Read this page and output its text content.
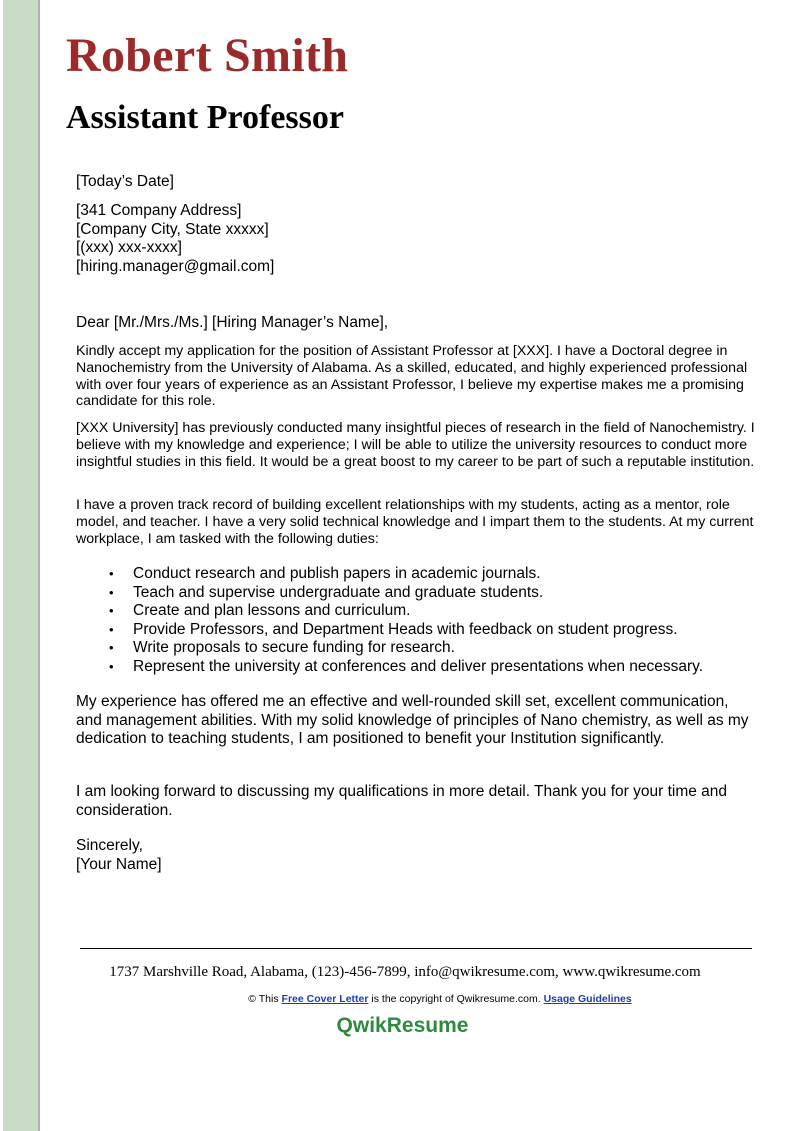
Robert Smith
Assistant Professor
[Today’s Date]
[341 Company Address]
[Company City, State xxxxx]
[(xxx) xxx-xxxx]
[hiring.manager@gmail.com]
Dear [Mr./Mrs./Ms.] [Hiring Manager’s Name],
Kindly accept my application for the position of Assistant Professor at [XXX]. I have a Doctoral degree in Nanochemistry from the University of Alabama. As a skilled, educated, and highly experienced professional with over four years of experience as an Assistant Professor, I believe my expertise makes me a promising candidate for this role.
[XXX University] has previously conducted many insightful pieces of research in the field of Nanochemistry. I believe with my knowledge and experience; I will be able to utilize the university resources to conduct more insightful studies in this field. It would be a great boost to my career to be part of such a reputable institution.
I have a proven track record of building excellent relationships with my students, acting as a mentor, role model, and teacher. I have a very solid technical knowledge and I impart them to the students. At my current workplace, I am tasked with the following duties:
• Conduct research and publish papers in academic journals.
• Teach and supervise undergraduate and graduate students.
• Create and plan lessons and curriculum.
• Provide Professors, and Department Heads with feedback on student progress.
• Write proposals to secure funding for research.
• Represent the university at conferences and deliver presentations when necessary.
My experience has offered me an effective and well-rounded skill set, excellent communication, and management abilities. With my solid knowledge of principles of Nano chemistry, as well as my dedication to teaching students, I am positioned to benefit your Institution significantly.
I am looking forward to discussing my qualifications in more detail. Thank you for your time and consideration.
Sincerely,
[Your Name]
1737 Marshville Road, Alabama, (123)-456-7899, info@qwikresume.com, www.qwikresume.com
© This Free Cover Letter is the copyright of Qwikresume.com. Usage Guidelines
QwikResume
